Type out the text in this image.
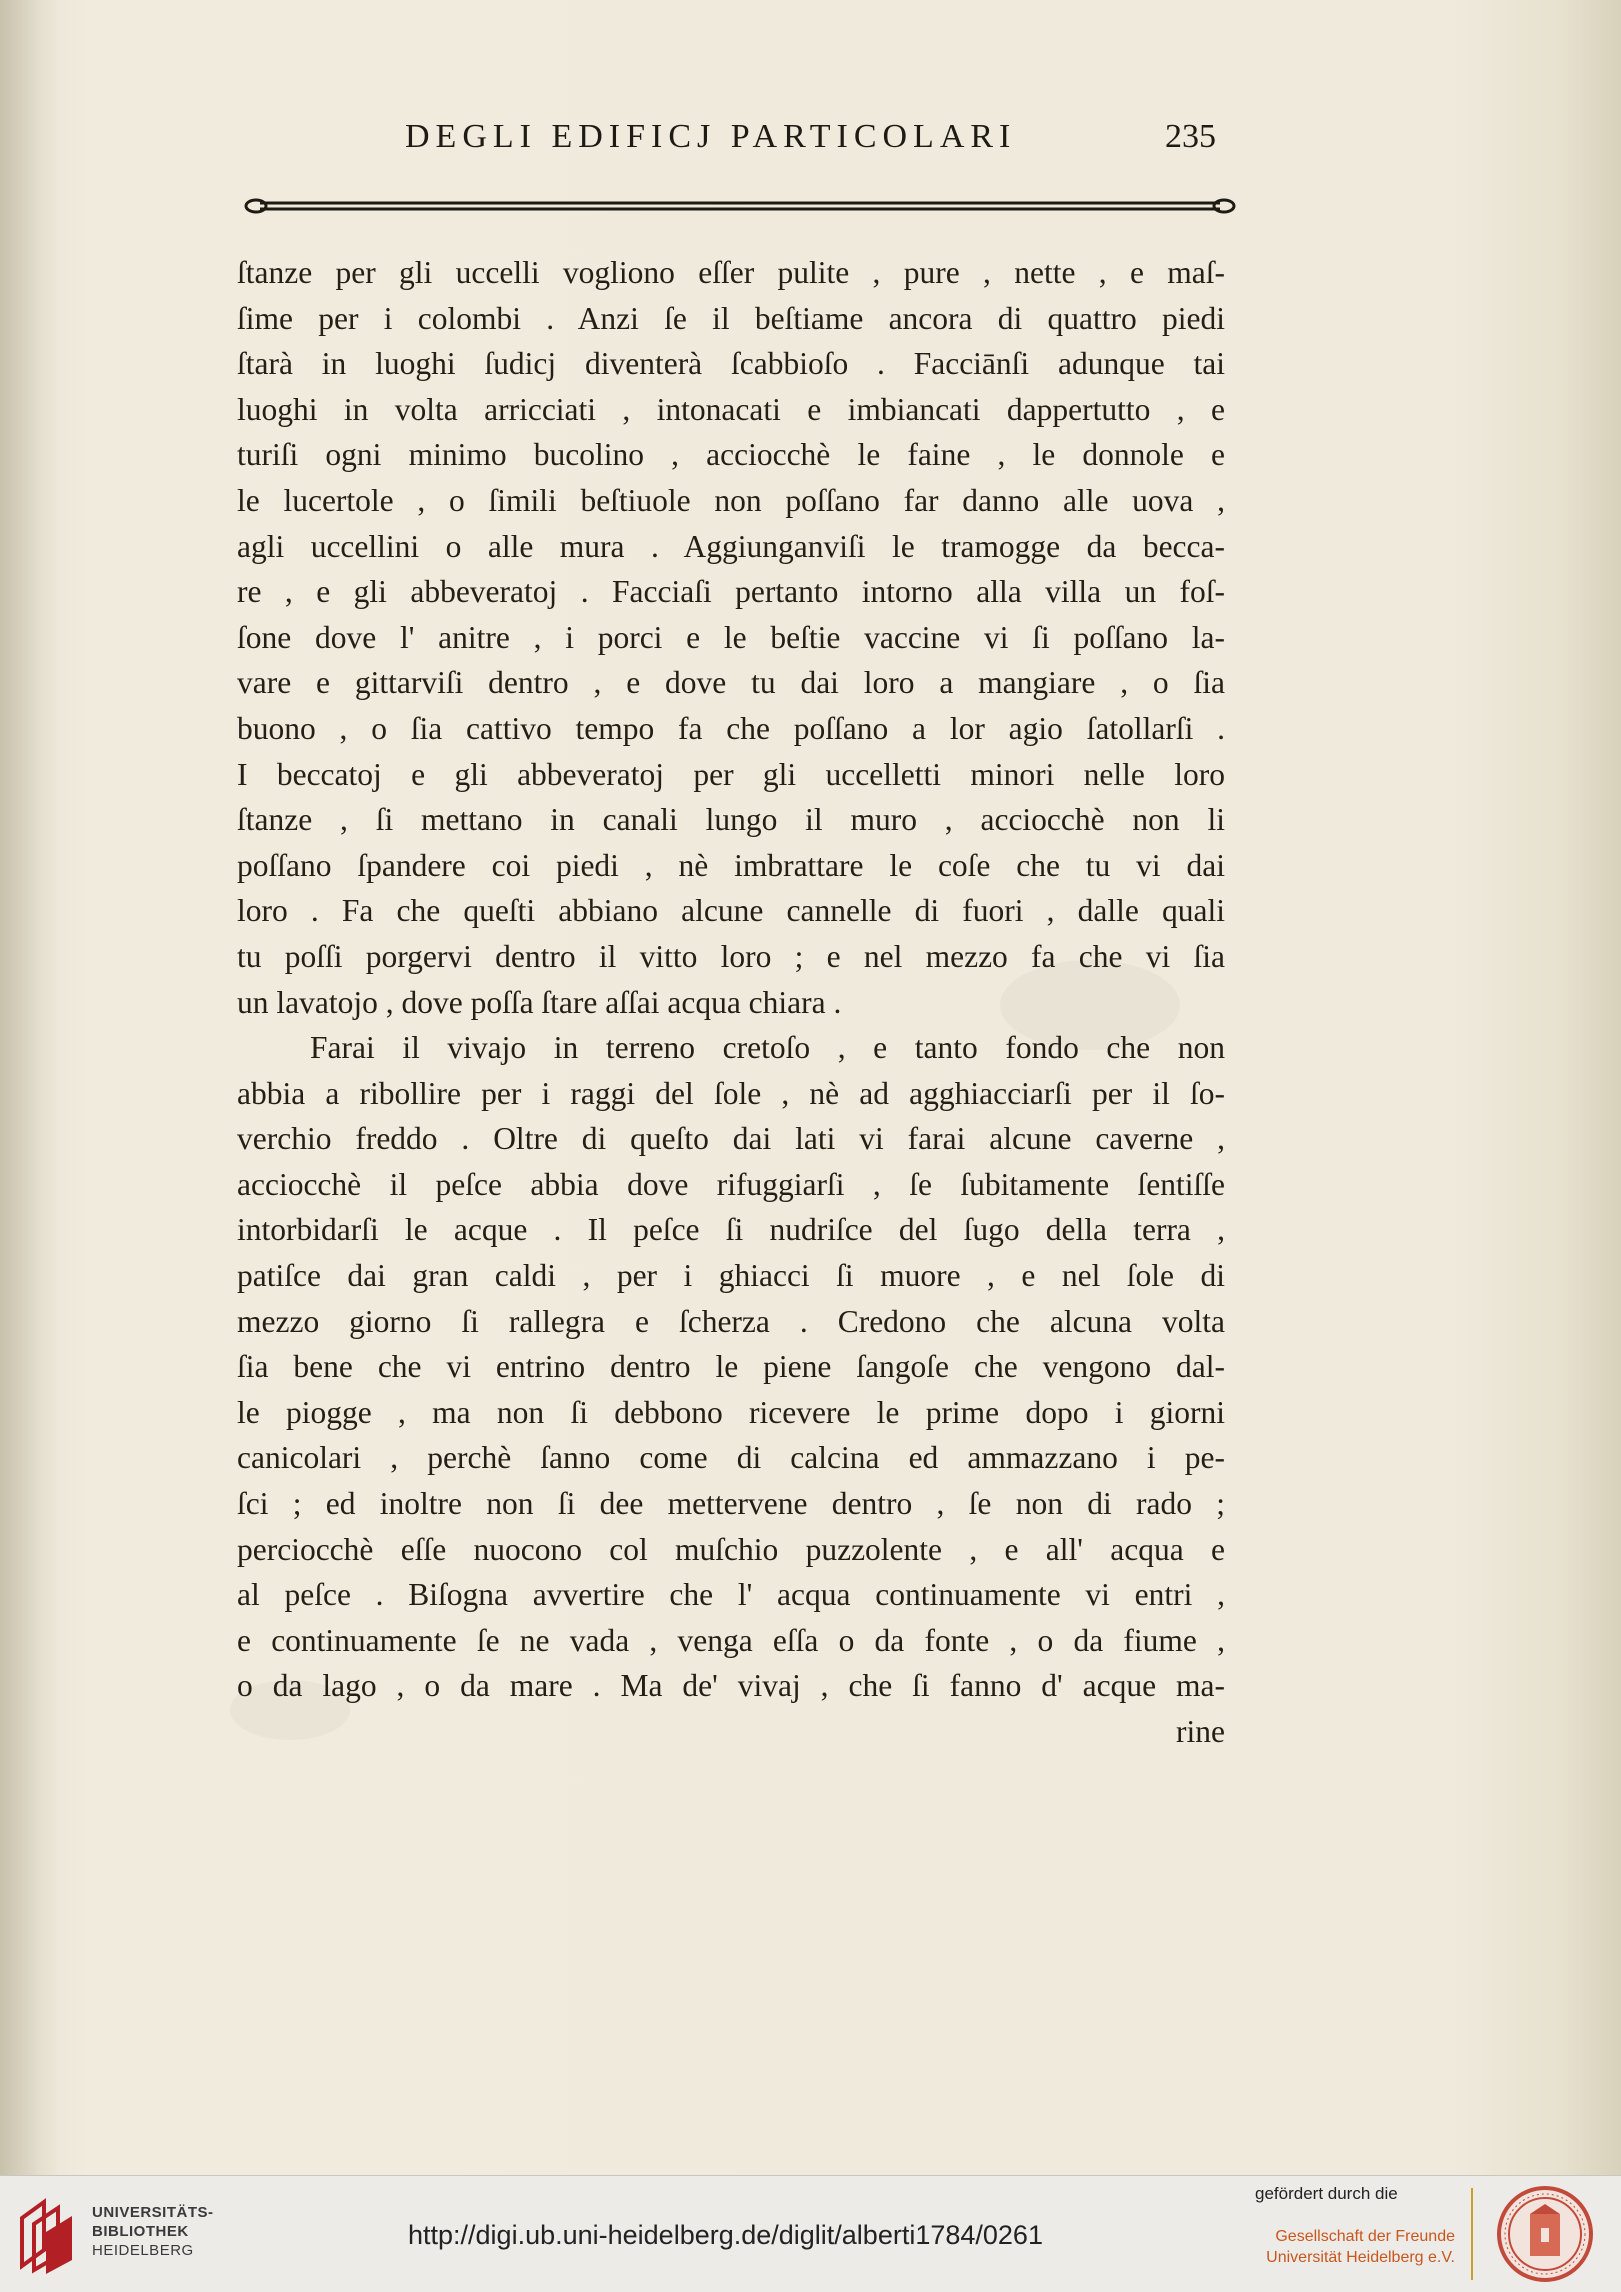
DEGLI EDIFICJ PARTICOLARI	235
ſtanze per gli uccelli vogliono eſſer pulite , pure , nette , e maſ-
ſime per i colombi . Anzi ſe il beſtiame ancora di quattro piedi
ſtarà in luoghi ſudicj diventerà ſcabbioſo . Facciānſi adunque tai
luoghi in volta arricciati , intonacati e imbiancati dappertutto , e
turiſi ogni minimo bucolino , acciocchè le faine , le donnole e
le lucertole , o ſimili beſtiuole non poſſano far danno alle uova ,
agli uccellini o alle mura . Aggiunganviſi le tramogge da becca-
re , e gli abbeveratoj . Facciaſi pertanto intorno alla villa un foſ-
ſone dove l' anitre , i porci e le beſtie vaccine vi ſi poſſano la-
vare e gittarviſi dentro , e dove tu dai loro a mangiare , o ſia
buono , o ſia cattivo tempo fa che poſſano a lor agio ſatollarſi .
I beccatoj e gli abbeveratoj per gli uccelletti minori nelle loro
ſtanze , ſi mettano in canali lungo il muro , acciocchè non li
poſſano ſpandere coi piedi , nè imbrattare le coſe che tu vi dai
loro . Fa che queſti abbiano alcune cannelle di fuori , dalle quali
tu poſſi porgervi dentro il vitto loro ; e nel mezzo fa che vi ſia
un lavatojo , dove poſſa ſtare aſſai acqua chiara .
Farai il vivajo in terreno cretoſo , e tanto fondo che non
abbia a ribollire per i raggi del ſole , nè ad agghiacciarſi per il ſo-
verchio freddo . Oltre di queſto dai lati vi farai alcune caverne ,
acciocchè il peſce abbia dove rifuggiarſi , ſe ſubitamente ſentiſſe
intorbidarſi le acque . Il peſce ſi nudriſce del ſugo della terra ,
patiſce dai gran caldi , per i ghiacci ſi muore , e nel ſole di
mezzo giorno ſi rallegra e ſcherza . Credono che alcuna volta
ſia bene che vi entrino dentro le piene ſangoſe che vengono dal-
le piogge , ma non ſi debbono ricevere le prime dopo i giorni
canicolari , perchè ſanno come di calcina ed ammazzano i pe-
ſci ; ed inoltre non ſi dee mettervene dentro , ſe non di rado ;
perciocchè eſſe nuocono col muſchio puzzolente , e all' acqua e
al peſce . Biſogna avvertire che l' acqua continuamente vi entri ,
e continuamente ſe ne vada , venga eſſa o da fonte , o da fiume ,
o da lago , o da mare . Ma de' vivaj , che ſi fanno d' acque ma-
rine
UNIVERSITÄTS-
BIBLIOTHEK
HEIDELBERG
http://digi.ub.uni-heidelberg.de/diglit/alberti1784/0261
gefördert durch die
Gesellschaft der Freunde
Universität Heidelberg e.V.
